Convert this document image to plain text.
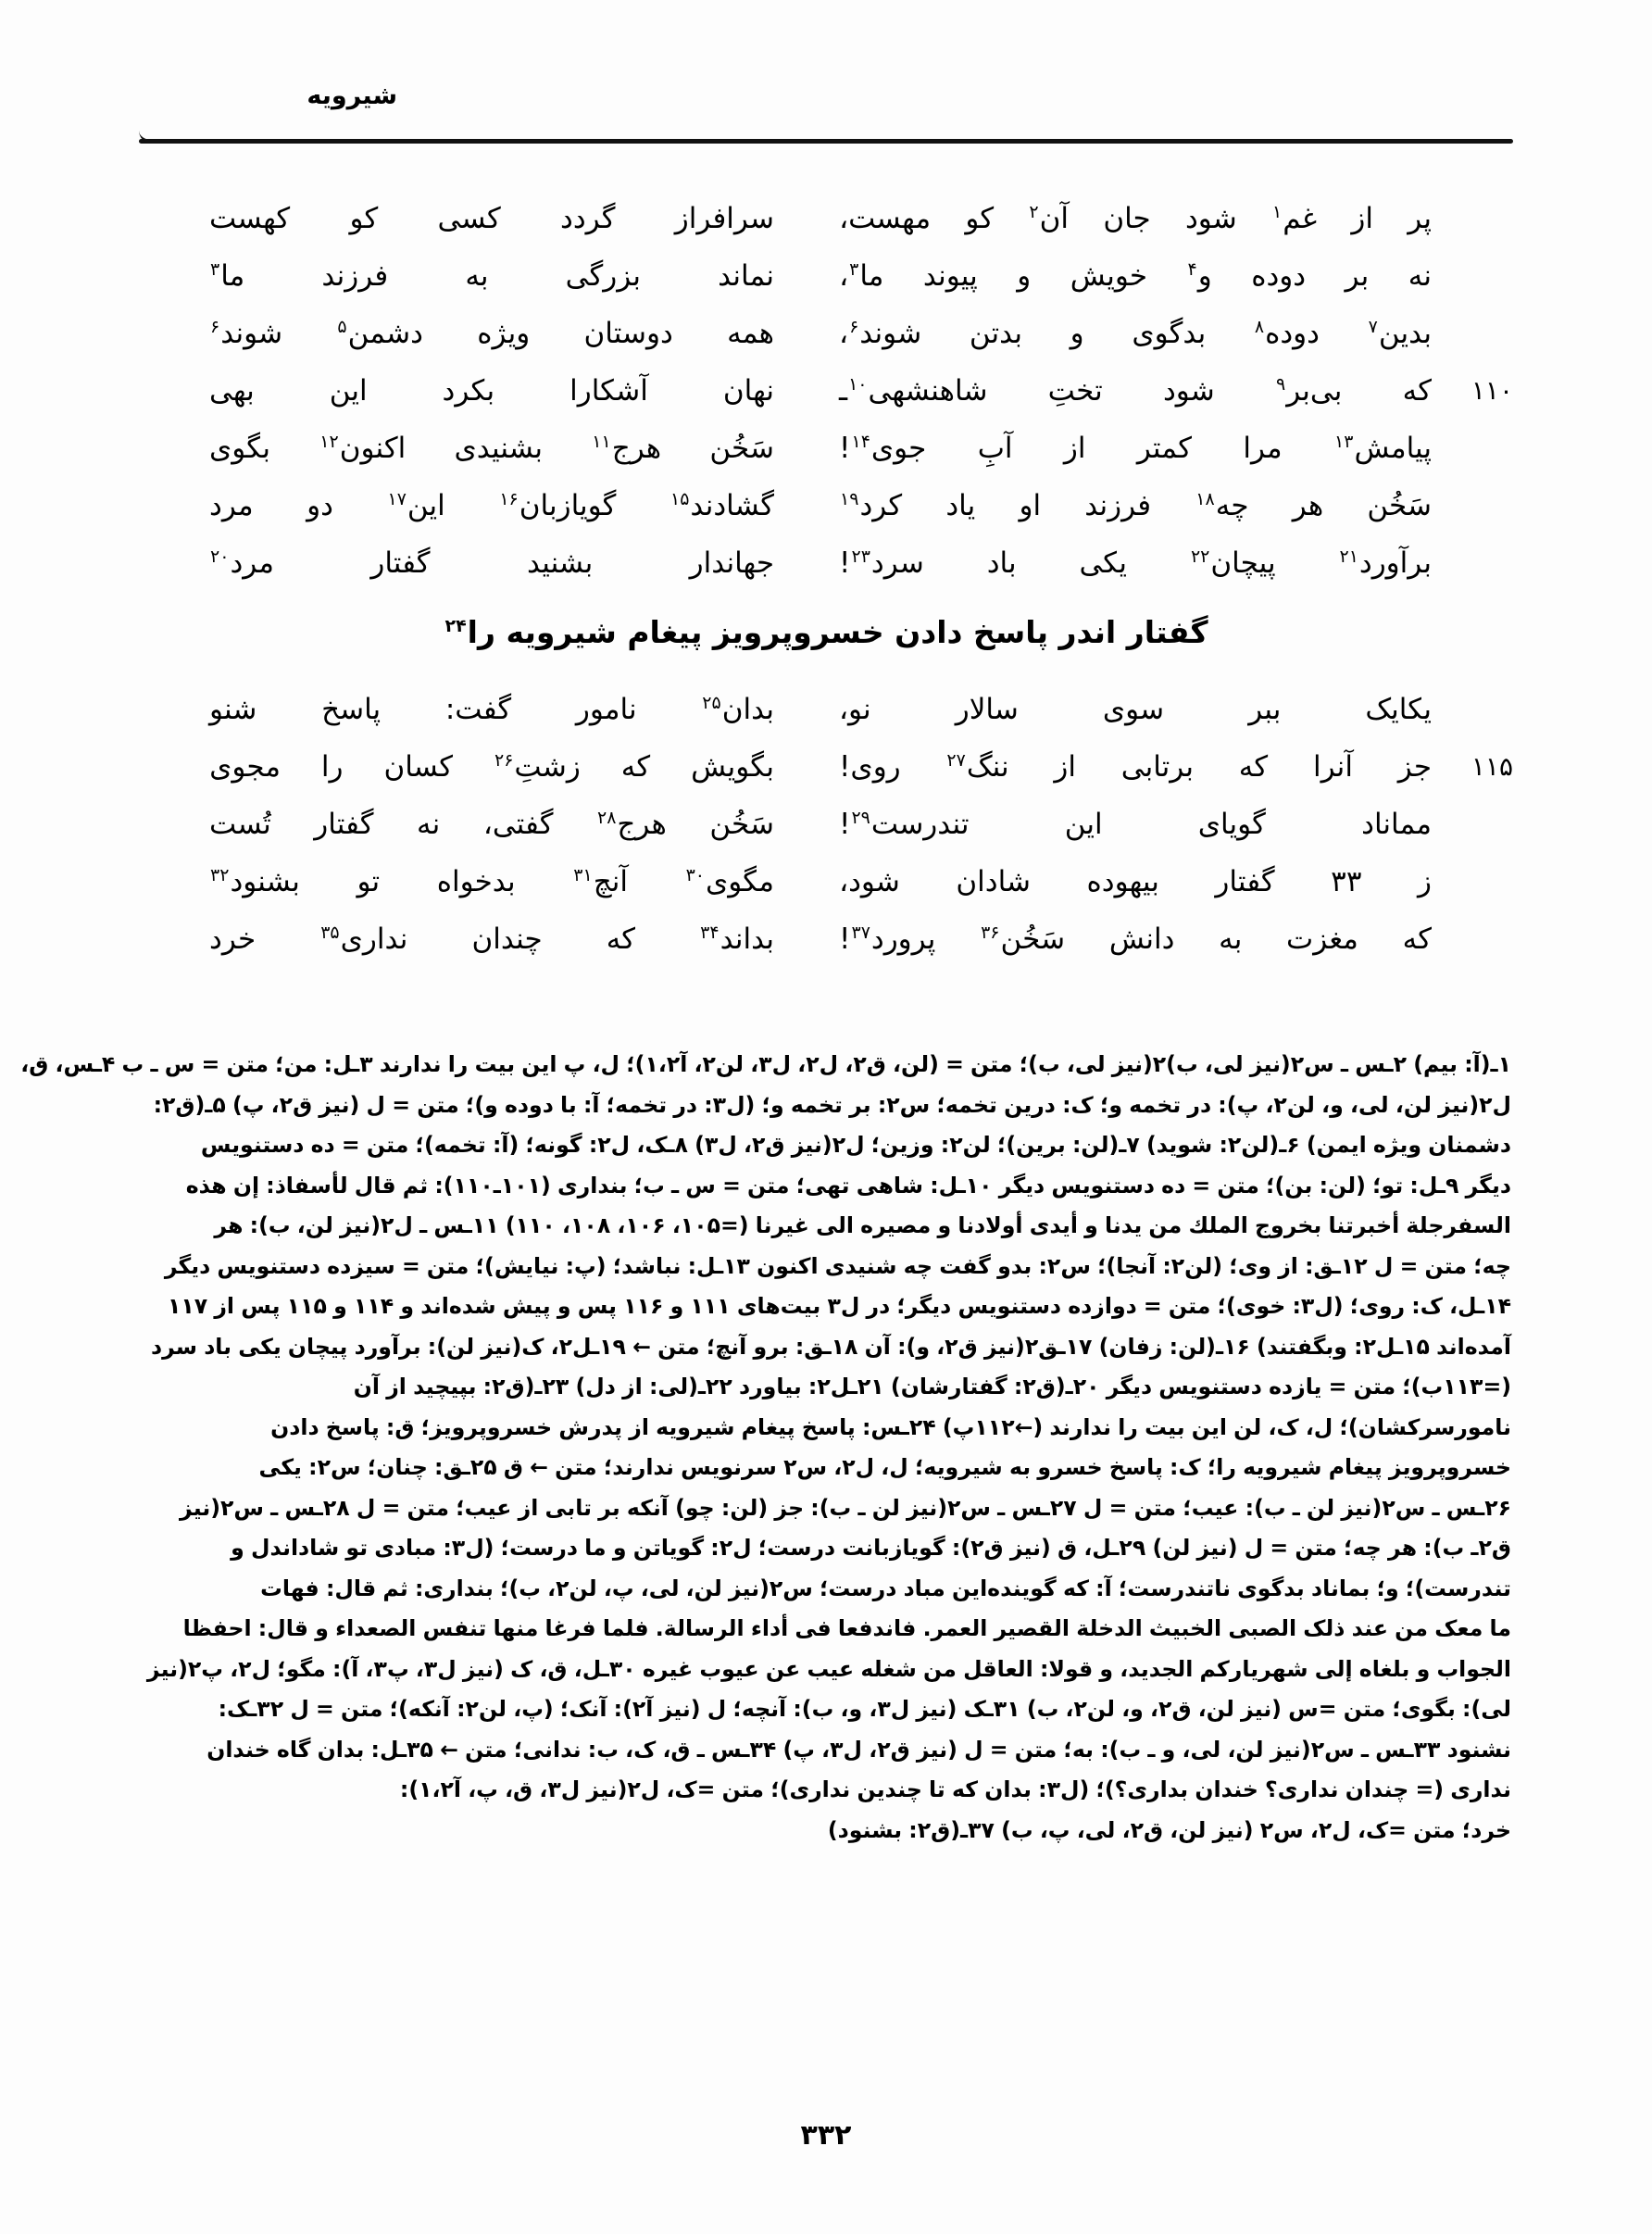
شیرویه
پر
از
غم$^۱$
شود
جان
آن$^۲$
کو
مهست،
سرافراز
گردد
کسی
کو
کهست
نه
بر
دوده
و$^۴$
خویش
و
پیوند
ما$^۳$،
نماند
بزرگی
به
فرزند
ما$^۳$
بدین$^۷$
دوده$^۸$
بدگوی
و
بدتن
شوند$^۶$،
همه
دوستان
ویژه
دشمن$^۵$
شوند$^۶$
که
بی‌بر$^۹$
شود
تختِ
شاهنشهی$^{۱۰}$ـ
نهان
آشکارا
بکرد
این
بهی	۱۱۰
پیامش$^{۱۳}$
مرا
کمتر
از
آبِ
جوی$^{۱۴}$!
سَخُن
هرج$^{۱۱}$
بشنیدی
اکنون$^{۱۲}$
بگوی
سَخُن
هر
چه$^{۱۸}$
فرزند
او
یاد
کرد$^{۱۹}$
گشادند$^{۱۵}$
گویازبان$^{۱۶}$
این$^{۱۷}$
دو
مرد
برآورد$^{۲۱}$
پیچان$^{۲۲}$
یکی
باد
سرد$^{۲۳}$!
جهاندار
بشنید
گفتار
مرد$^{۲۰}$
گفتار اندر پاسخ دادن خسروپرویز پیغام شیرویه را$^{۲۴}$
یکایک
ببر
سوی
سالار
نو،
بدان$^{۲۵}$
نامور
گفت:
پاسخ
شنو
جز
آنرا
که
برتابی
از
ننگ$^{۲۷}$
روی!
بگویش
که
زشتِ$^{۲۶}$
کسان
را
مجوی	۱۱۵
مماناد
گویای
این
تندرست$^{۲۹}$!
سَخُن
هرج$^{۲۸}$
گفتی،
نه
گفتار
تُست
ز
۳۳
گفتار
بیهوده
شادان
شود،
مگوی$^{۳۰}$
آنچ$^{۳۱}$
بدخواه
تو
بشنود$^{۳۲}$
که
مغزت
به
دانش
سَخُن$^{۳۶}$
پرورد$^{۳۷}$!
بداند$^{۳۴}$
که
چندان
نداری$^{۳۵}$
خرد
۱ـ(آ: بیم) ۲ـس ـ س۲(نیز لی، ب)۲(نیز لی، ب)؛ متن = (لن، ق۲، ل۲، ل۳، لن۲، آ۱،۲)؛ ل، پ این بیت را ندارند ۳ـل: من؛ متن = س ـ ب ۴ـس، ق،
ل۲(نیز لن، لی، و، لن۲، پ): در تخمه و؛ ک: درین تخمه؛ س۲: بر تخمه و؛ (ل۳: در تخمه؛ آ: با دوده و)؛ متن = ل (نیز ق۲، پ) ۵ـ(ق۲:
دشمنان ویژه ایمن) ۶ـ(لن۲: شوید) ۷ـ(لن: برین)؛ لن۲: وزین؛ ل۲(نیز ق۲، ل۳) ۸ـک، ل۲: گونه؛ (آ: تخمه)؛ متن = ده دستنویس
دیگر ۹ـل: تو؛ (لن: بن)؛ متن = ده دستنویس دیگر ۱۰ـل: شاهی تهی؛ متن = س ـ ب؛ بنداری (۱۰۱ـ۱۱۰): ثم قال لأسفاذ: إن هذه
السفرجلة أخبرتنا بخروج الملك من یدنا و أیدی أولادنا و مصیره الی غیرنا (=۱۰۵، ۱۰۶، ۱۰۸، ۱۱۰) ۱۱ـس ـ ل۲(نیز لن، ب): هر
چه؛ متن = ل ۱۲ـق: از وی؛ (لن۲: آنجا)؛ س۲: بدو گفت چه شنیدی اکنون ۱۳ـل: نباشد؛ (پ: نیایش)؛ متن = سیزده دستنویس دیگر
۱۴ـل، ک: روی؛ (ل۳: خوی)؛ متن = دوازده دستنویس دیگر؛ در ل۳ بیت‌های ۱۱۱ و ۱۱۶ پس و پیش شده‌اند و ۱۱۴ و ۱۱۵ پس از ۱۱۷
آمده‌اند ۱۵ـل۲: وبگفتند) ۱۶ـ(لن: زفان) ۱۷ـق۲(نیز ق۲، و): آن ۱۸ـق: برو آنچ؛ متن ← ۱۹ـل۲، ک(نیز لن): برآورد پیچان یکی باد سرد
(=۱۱۳ب)؛ متن = یازده دستنویس دیگر ۲۰ـ(ق۲: گفتارشان) ۲۱ـل۲: بیاورد ۲۲ـ(لی: از دل) ۲۳ـ(ق۲: بپیچید از آن
نامورسرکشان)؛ ل، ک، لن این بیت را ندارند (←۱۱۲پ) ۲۴ـس: پاسخ پیغام شیرویه از پدرش خسروپرویز؛ ق: پاسخ دادن
خسروپرویز پیغام شیرویه را؛ ک: پاسخ خسرو به شیرویه؛ ل، ل۲، س۲ سرنویس ندارند؛ متن ← ق ۲۵ـق: چنان؛ س۲: یکی
۲۶ـس ـ س۲(نیز لن ـ ب): عیب؛ متن = ل ۲۷ـس ـ س۲(نیز لن ـ ب): جز (لن: چو) آنکه بر تابی از عیب؛ متن = ل ۲۸ـس ـ س۲(نیز
ق۲ـ ب): هر چه؛ متن = ل (نیز لن) ۲۹ـل، ق (نیز ق۲): گویازبانت درست؛ ل۲: گویاتن و ما درست؛ (ل۳: مبادی تو شاداندل و
تندرست)؛ و؛ بماناد بدگوی ناتندرست؛ آ: که گوینده‌این مباد درست؛ س۲(نیز لن، لی، پ، لن۲، ب)؛ بنداری: ثم قال: فهات
ما معک من عند ذلک الصبی الخبیث الدخلة القصیر العمر. فاندفعا فی أداء الرسالة. فلما فرغا منها تنفس الصعداء و قال: احفظا
الجواب و بلغاه إلی شهریارکم الجدید، و قولا: العاقل من شغله عیب عن عیوب غیره ۳۰ـل، ق، ک (نیز ل۳، پ۳، آ): مگو؛ ل۲، پ۲(نیز
لی): بگوی؛ متن =س (نیز لن، ق۲، و، لن۲، ب) ۳۱ـک (نیز ل۳، و، ب): آنچه؛ ل (نیز آ۲): آنک؛ (پ، لن۲: آنکه)؛ متن = ل ۳۲ـک:
نشنود ۳۳ـس ـ س۲(نیز لن، لی، و ـ ب): به؛ متن = ل (نیز ق۲، ل۳، پ) ۳۴ـس ـ ق، ک، ب: ندانی؛ متن ← ۳۵ـل: بدان گاه خندان
نداری (= چندان نداری؟ خندان بداری؟)؛ (ل۳: بدان که تا چندین نداری)؛ متن =ک، ل۲(نیز ل۳، ق، پ، آ۱،۲):
خرد؛ متن =ک، ل۲، س۲ (نیز لن، ق۲، لی، پ، ب) ۳۷ـ(ق۲: بشنود)
۳۳۲
